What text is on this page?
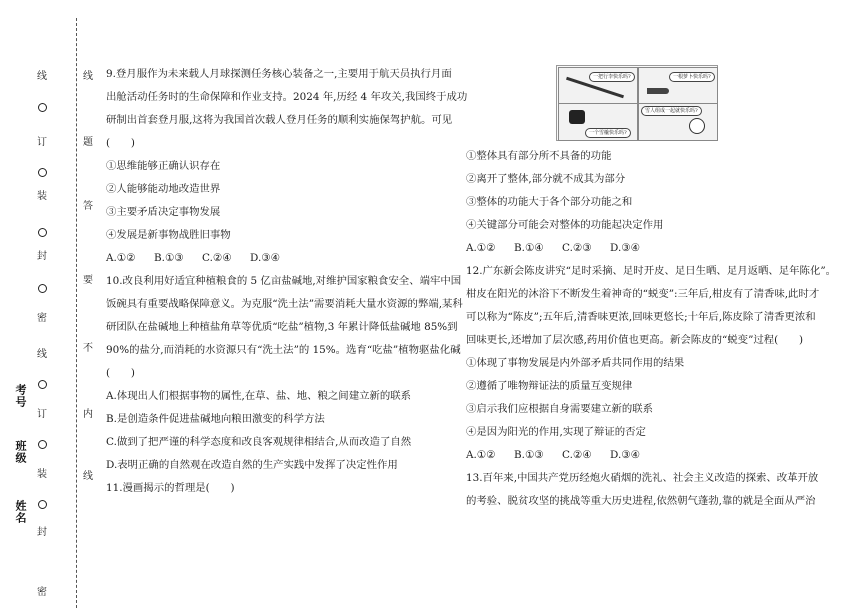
线
订
装
封
密
线
订
装
封
密
线
题
答
要
不
内
线
考号
班级
姓名

9.登月服作为未来载人月球探测任务核心装备之一,主要用于航天员执行月面

出舱活动任务时的生命保障和作业支持。2024 年,历经 4 年攻关,我国终于成功

研制出首套登月服,这将为我国首次载人登月任务的顺利实施保驾护航。可见

(　　)

①思维能够正确认识存在

②人能够能动地改造世界

③主要矛盾决定事物发展

④发展是新事物战胜旧事物

A.①② B.①③ C.②④ D.③④

10.改良利用好适宜种植粮食的 5 亿亩盐碱地,对维护国家粮食安全、端牢中国

饭碗具有重要战略保障意义。为克服“洗土法”需要消耗大量水资源的弊端,某科

研团队在盐碱地上种植盐角草等优质“吃盐”植物,3 年累计降低盐碱地 85%到

90%的盐分,而消耗的水资源只有“洗土法”的 15%。选育“吃盐”植物驱盐化碱

(　　)

A.体现出人们根据事物的属性,在草、盐、地、粮之间建立新的联系

B.是创造条件促进盐碱地向粮田激变的科学方法

C.做到了把严谨的科学态度和改良客观规律相结合,从而改造了自然

D.表明正确的自然观在改造自然的生产实践中发挥了决定性作用

11.漫画揭示的哲理是(　　)

一把行李快乐吗?	一根萝卜快乐吗?
一个雪橇快乐吗?
雪人组成一起就快乐吗?

①整体具有部分所不具备的功能

②离开了整体,部分就不成其为部分

③整体的功能大于各个部分功能之和

④关键部分可能会对整体的功能起决定作用

A.①② B.①④ C.②③ D.③④

12.广东新会陈皮讲究“足时采摘、足时开皮、足日生晒、足月返晒、足年陈化”。

柑皮在阳光的沐浴下不断发生着神奇的“蜕变”:三年后,柑皮有了清香味,此时才

可以称为“陈皮”;五年后,清香味更浓,回味更悠长;十年后,陈皮除了清香更浓和

回味更长,还增加了层次感,药用价值也更高。新会陈皮的“蜕变”过程(　　)

①体现了事物发展是内外部矛盾共同作用的结果

②遵循了唯物辩证法的质量互变规律

③启示我们应根据自身需要建立新的联系

④是因为阳光的作用,实现了辩证的否定

A.①② B.①③ C.②④ D.③④

13.百年来,中国共产党历经炮火硝烟的洗礼、社会主义改造的探索、改革开放

的考验、脱贫攻坚的挑战等重大历史进程,依然朝气蓬勃,靠的就是全面从严治
